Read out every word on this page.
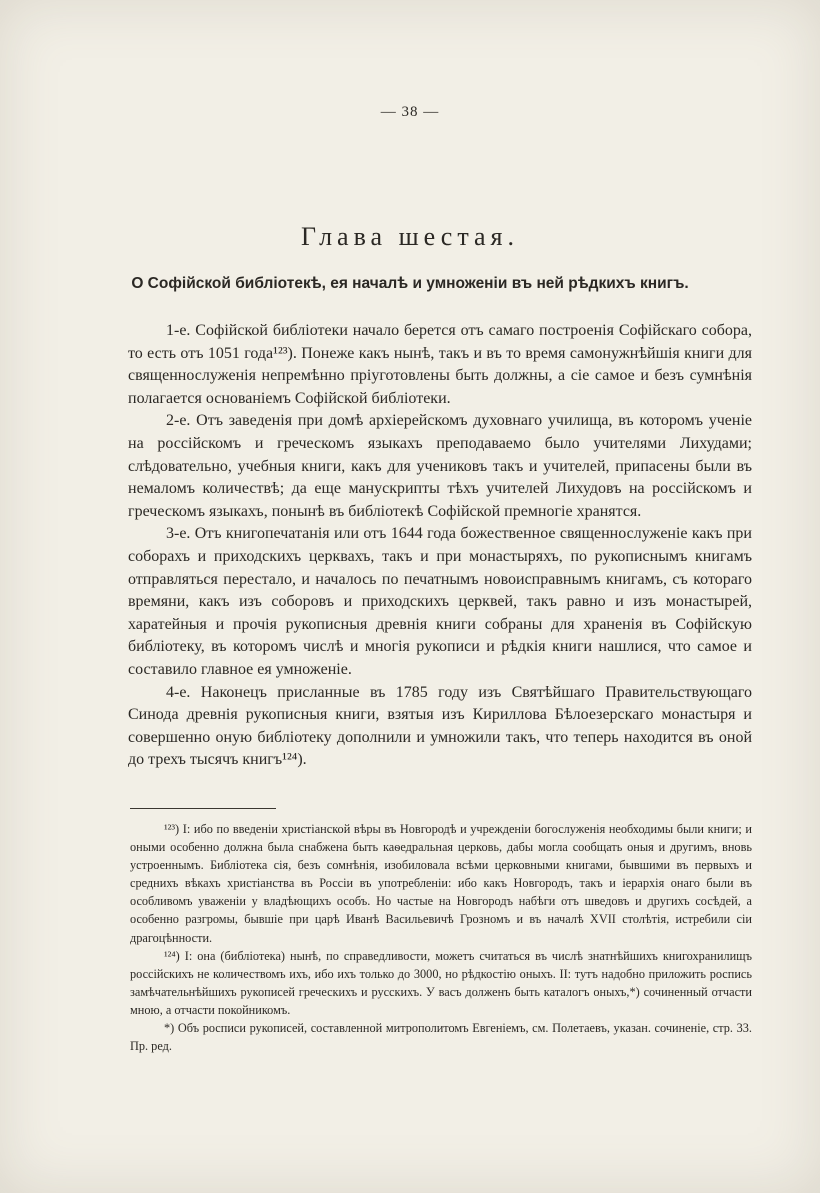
— 38 —
Глава шестая.
О Софійской библіотекѣ, ея началѣ и умноженіи въ ней рѣдкихъ книгъ.

1-е. Софійской библіотеки начало берется отъ самаго построенія Софійскаго собора, то есть отъ 1051 года¹²³). Понеже какъ нынѣ, такъ и въ то время самонужнѣйшія книги для священнослуженія непремѣнно пріуготовлены быть должны, а сіе самое и безъ сумнѣнія полагается основаніемъ Софійской библіотеки.

2-е. Отъ заведенія при домѣ архіерейскомъ духовнаго училища, въ которомъ ученіе на россійскомъ и греческомъ языкахъ преподаваемо было учителями Лихудами; слѣдовательно, учебныя книги, какъ для учениковъ такъ и учителей, припасены были въ немаломъ количествѣ; да еще манускрипты тѣхъ учителей Лихудовъ на россійскомъ и греческомъ языкахъ, понынѣ въ библіотекѣ Софійской премногіе хранятся.

3-е. Отъ книгопечатанія или отъ 1644 года божественное священнослуженіе какъ при соборахъ и приходскихъ церквахъ, такъ и при монастыряхъ, по рукописнымъ книгамъ отправляться перестало, и началось по печатнымъ новоисправнымъ книгамъ, съ котораго времяни, какъ изъ соборовъ и приходскихъ церквей, такъ равно и изъ монастырей, харатейныя и прочія рукописныя древнія книги собраны для храненія въ Софійскую библіотеку, въ которомъ числѣ и многія рукописи и рѣдкія книги нашлися, что самое и составило главное ея умноженіе.

4-е. Наконецъ присланные въ 1785 году изъ Святѣйшаго Правительствующаго Синода древнія рукописныя книги, взятыя изъ Кириллова Бѣлоезерскаго монастыря и совершенно оную библіотеку дополнили и умножили такъ, что теперь находится въ оной до трехъ тысячъ книгъ¹²⁴).

¹²³) I: ибо по введеніи христіанской вѣры въ Новгородѣ и учрежденіи богослуженія необходимы были книги; и оными особенно должна была снабжена быть каѳедральная церковь, дабы могла сообщать оныя и другимъ, вновь устроеннымъ. Библіотека сія, безъ сомнѣнія, изобиловала всѣми церковными книгами, бывшими въ первыхъ и среднихъ вѣкахъ христіанства въ Россіи въ употребленіи: ибо какъ Новгородъ, такъ и іерархія онаго были въ особливомъ уваженіи у владѣющихъ особъ. Но частые на Новгородъ набѣги отъ шведовъ и другихъ сосѣдей, а особенно разгромы, бывшіе при царѣ Иванѣ Васильевичѣ Грозномъ и въ началѣ XVII столѣтія, истребили сіи драгоцѣнности.

¹²⁴) I: она (библіотека) нынѣ, по справедливости, можетъ считаться въ числѣ знатнѣйшихъ книгохранилищъ россійскихъ не количествомъ ихъ, ибо ихъ только до 3000, но рѣдкостію оныхъ. II: тутъ надобно приложить роспись замѣчательнѣйшихъ рукописей греческихъ и русскихъ. У васъ долженъ быть каталогъ оныхъ,*) сочиненный отчасти мною, а отчасти покойникомъ.

*) Объ росписи рукописей, составленной митрополитомъ Евгеніемъ, см. Полетаевъ, указан. сочиненіе, стр. 33. Пр. ред.
